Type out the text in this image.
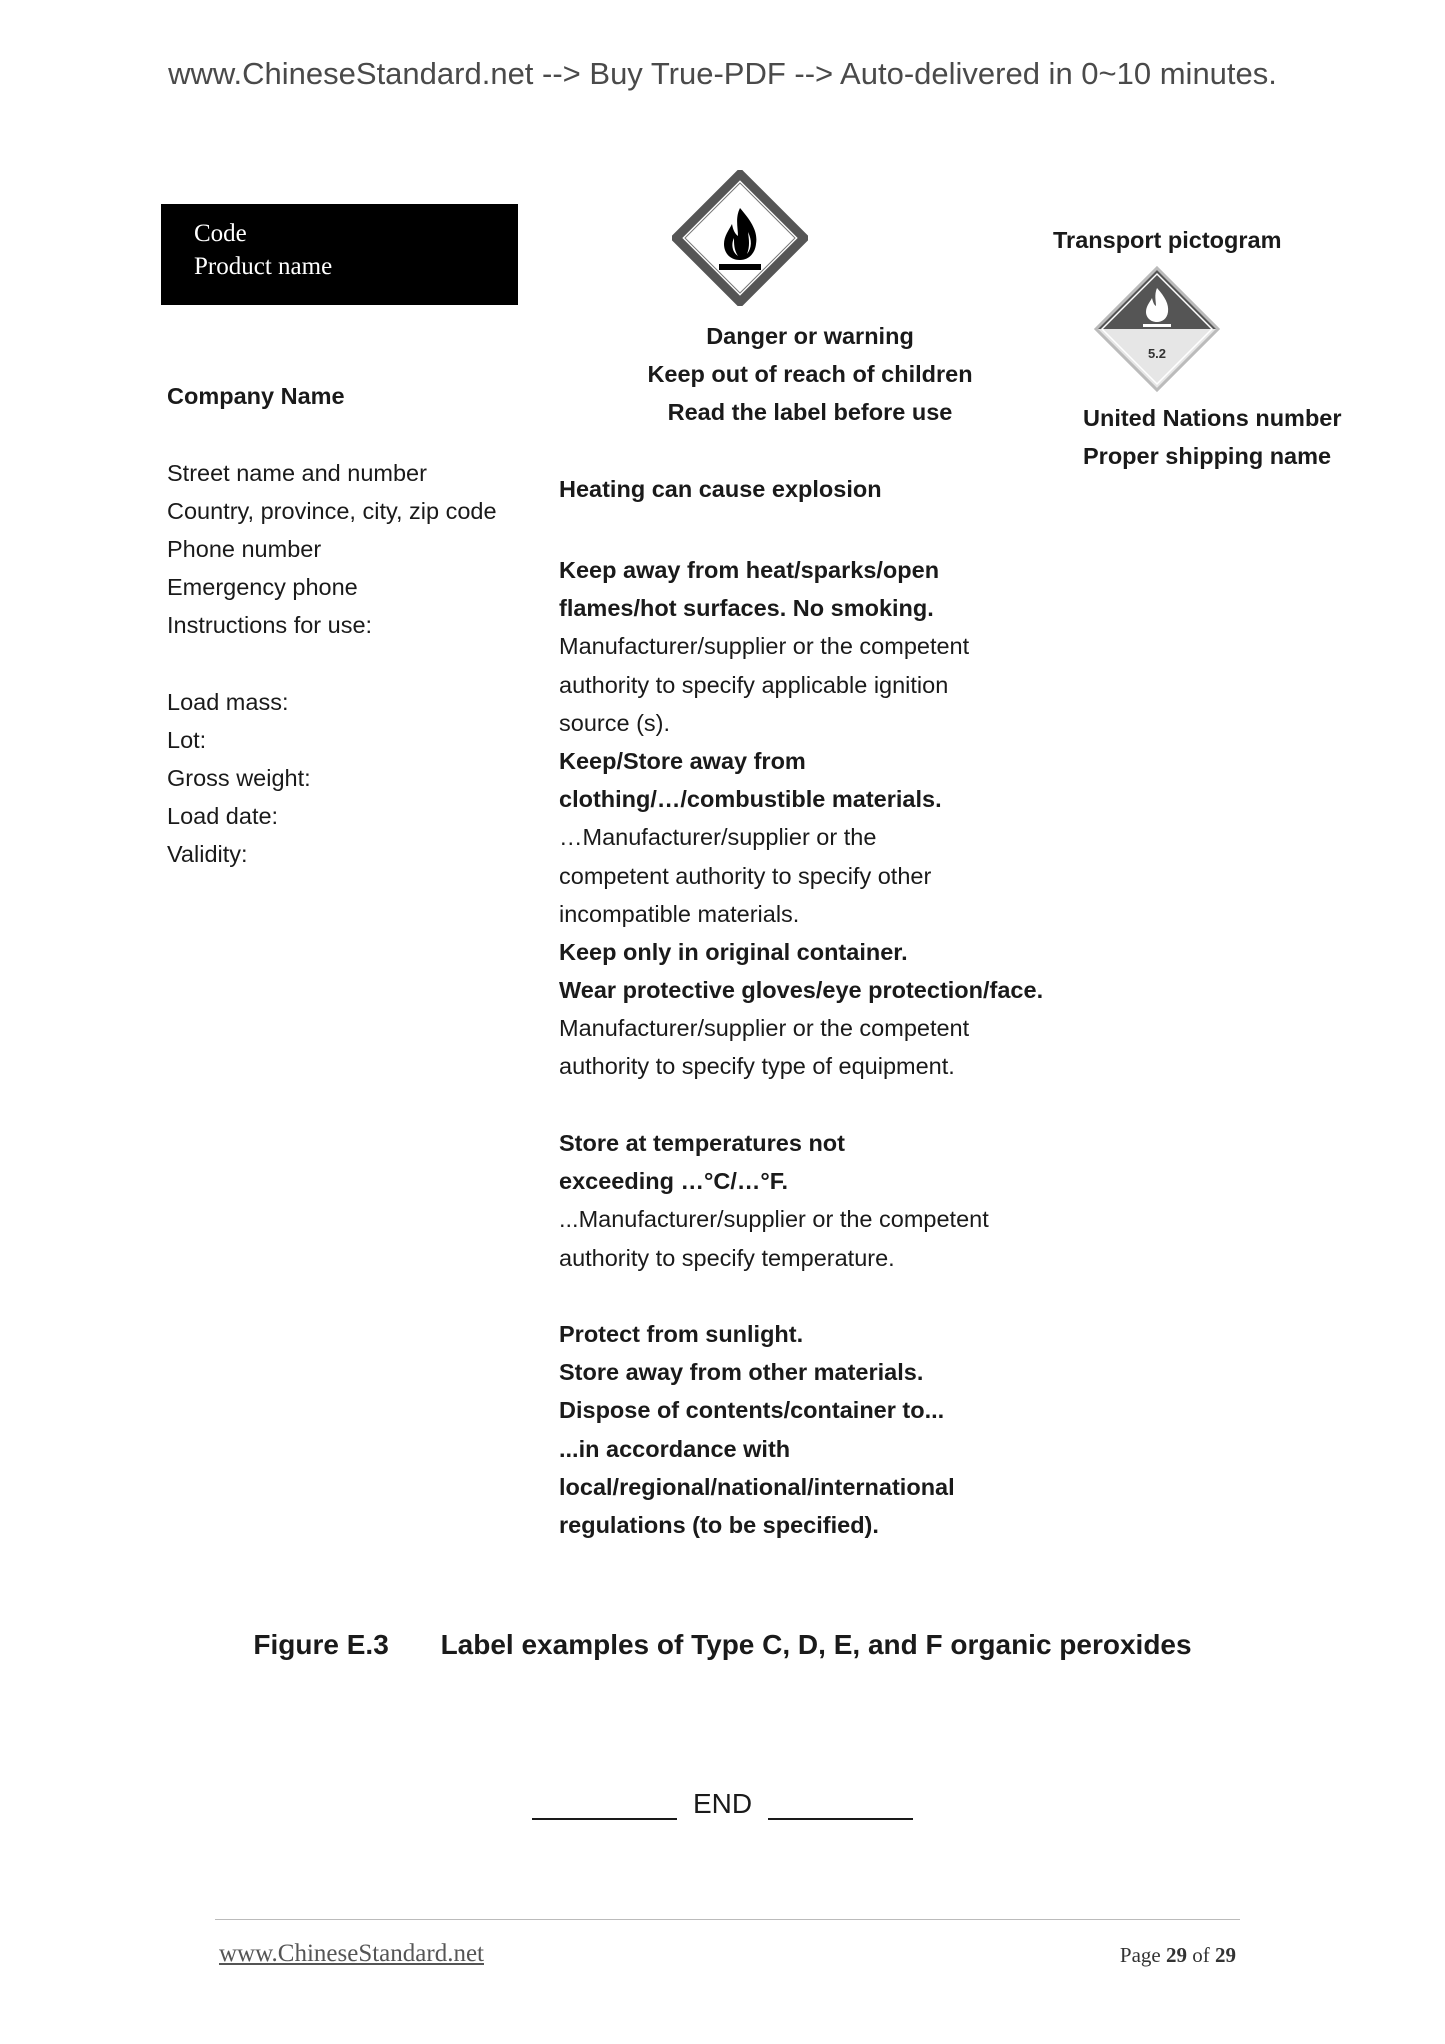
www.ChineseStandard.net --> Buy True-PDF --> Auto-delivered in 0~10 minutes.
Code
Product name
Danger or warning
Keep out of reach of children
Read the label before use
Transport pictogram
5.2
United Nations number
Proper shipping name
Company Name
Street name and number
Country, province, city, zip code
Phone number
Emergency phone
Instructions for use:
Load mass:
Lot:
Gross weight:
Load date:
Validity:
Heating can cause explosion
Keep away from heat/sparks/open
flames/hot surfaces. No smoking.
Manufacturer/supplier or the competent
authority to specify applicable ignition
source (s).
Keep/Store away from
clothing/…/combustible materials.
…Manufacturer/supplier or the
competent authority to specify other
incompatible materials.
Keep only in original container.
Wear protective gloves/eye protection/face.
Manufacturer/supplier or the competent
authority to specify type of equipment.
Store at temperatures not
exceeding …°C/…°F.
...Manufacturer/supplier or the competent
authority to specify temperature.
Protect from sunlight.
Store away from other materials.
Dispose of contents/container to...
...in accordance with
local/regional/national/international
regulations (to be specified).
Figure E.3 Label examples of Type C, D, E, and F organic peroxides
END
www.ChineseStandard.net	Page 29 of 29
